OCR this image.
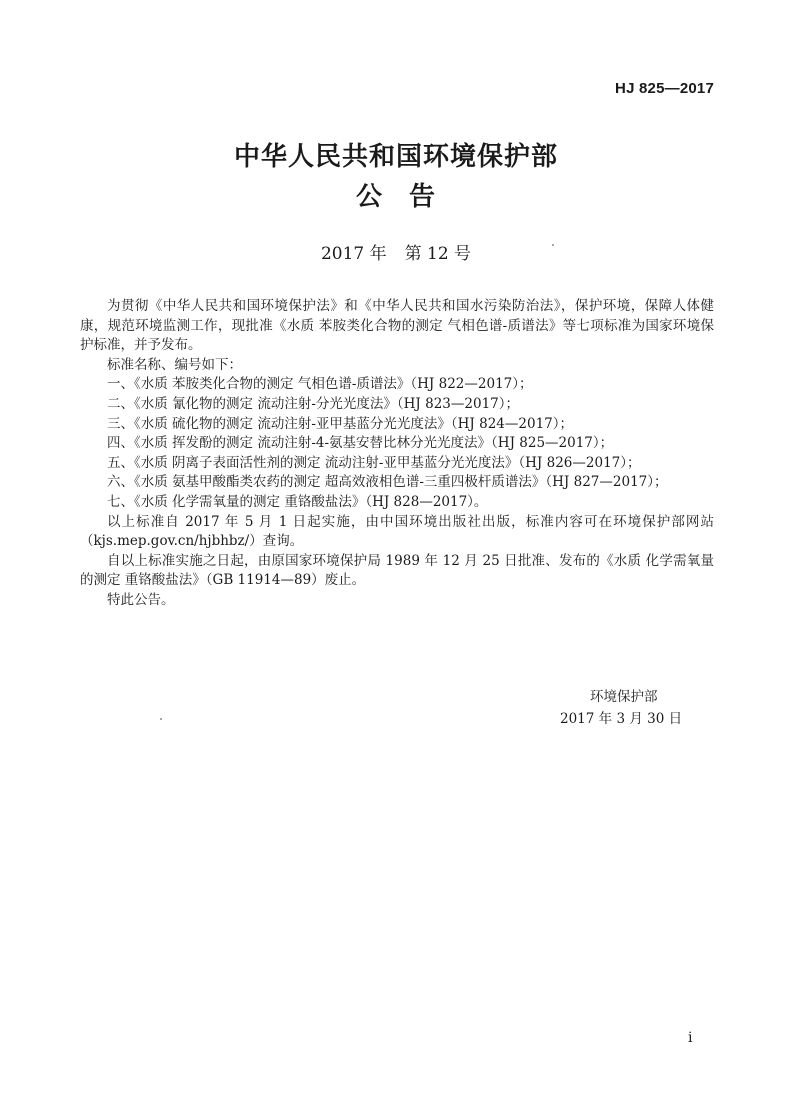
HJ 825—2017
中华人民共和国环境保护部
公 告
2017 年 第 12 号

为贯彻《中华人民共和国环境保护法》和《中华人民共和国水污染防治法》，保护环境，保障人体健康，规范环境监测工作，现批准《水质 苯胺类化合物的测定 气相色谱-质谱法》等七项标准为国家环境保护标准，并予发布。

标准名称、编号如下：

一、《水质 苯胺类化合物的测定 气相色谱-质谱法》（HJ 822—2017）；

二、《水质 氰化物的测定 流动注射-分光光度法》（HJ 823—2017）；

三、《水质 硫化物的测定 流动注射-亚甲基蓝分光光度法》（HJ 824—2017）；

四、《水质 挥发酚的测定 流动注射-4-氨基安替比林分光光度法》（HJ 825—2017）；

五、《水质 阴离子表面活性剂的测定 流动注射-亚甲基蓝分光光度法》（HJ 826—2017）；

六、《水质 氨基甲酸酯类农药的测定 超高效液相色谱-三重四极杆质谱法》（HJ 827—2017）；

七、《水质 化学需氧量的测定 重铬酸盐法》（HJ 828—2017）。

以上标准自 2017 年 5 月 1 日起实施，由中国环境出版社出版，标准内容可在环境保护部网站（kjs.mep.gov.cn/hjbhbz/）查询。

自以上标准实施之日起，由原国家环境保护局 1989 年 12 月 25 日批准、发布的《水质 化学需氧量的测定 重铬酸盐法》（GB 11914—89）废止。

特此公告。

环境保护部
2017 年 3 月 30 日
i
